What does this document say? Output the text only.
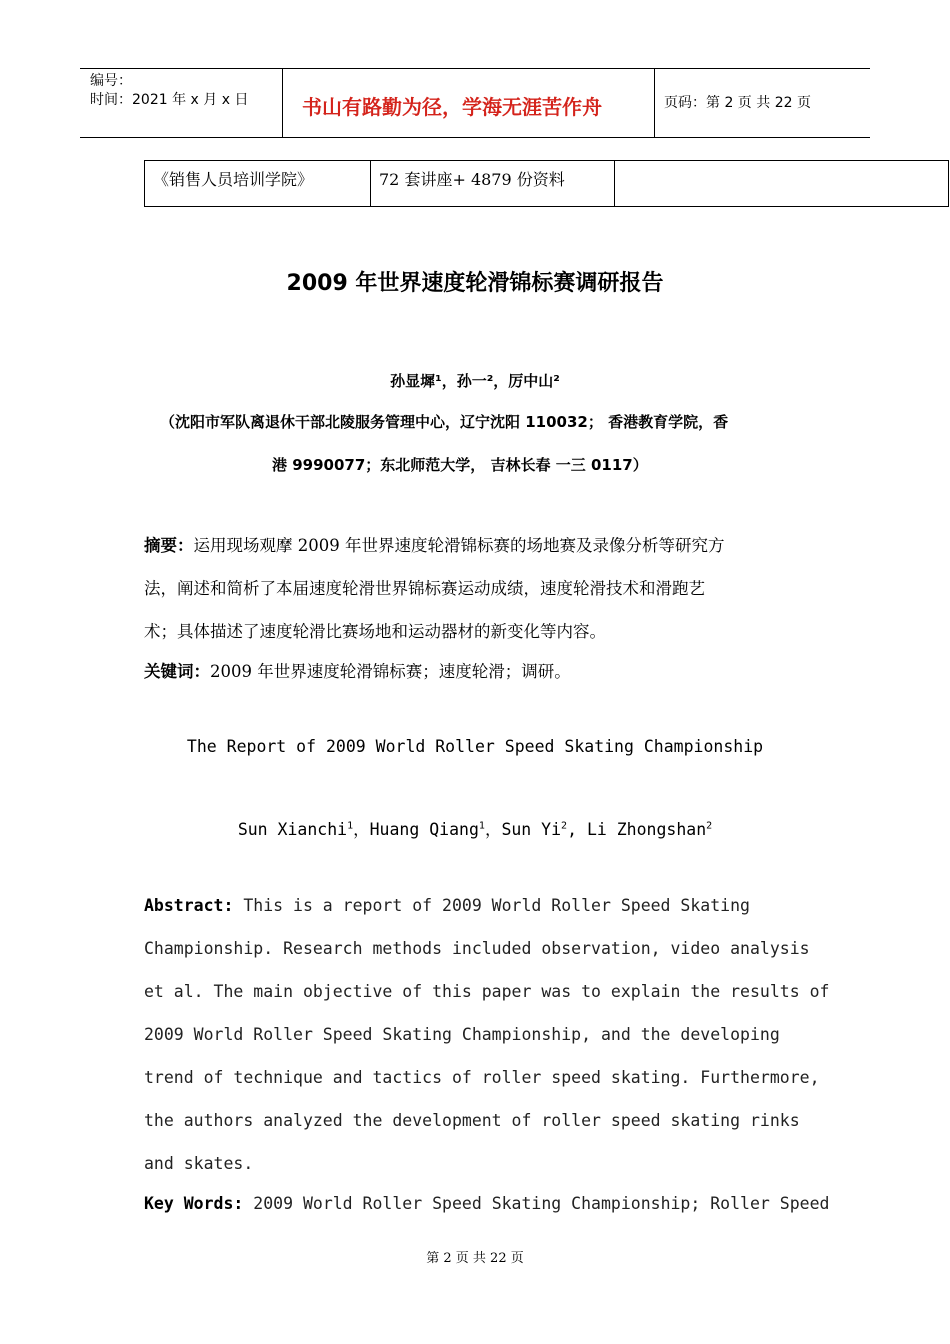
编号：
时间：2021 年 x 月 x 日	书山有路勤为径，学海无涯苦作舟	页码：第 2 页 共 22 页
《销售人员培训学院》	72 套讲座+ 4879 份资料
2009 年世界速度轮滑锦标赛调研报告
孙显墀¹，孙一²，厉中山²
（沈阳市军队离退休干部北陵服务管理中心，辽宁沈阳 110032； 香港教育学院，香
港 9990077；东北师范大学， 吉林长春 一三 0117）
摘要：运用现场观摩 2009 年世界速度轮滑锦标赛的场地赛及录像分析等研究方
法，阐述和简析了本届速度轮滑世界锦标赛运动成绩，速度轮滑技术和滑跑艺
术；具体描述了速度轮滑比赛场地和运动器材的新变化等内容。
关键词：2009 年世界速度轮滑锦标赛；速度轮滑；调研。
The Report of 2009 World Roller Speed Skating Championship
Sun Xianchi$^1$，Huang Qiang$^1$，Sun Yi$^2$, Li Zhongshan$^2$
Abstract: This is a report of 2009 World Roller Speed Skating
Championship. Research methods included observation, video analysis
et al. The main objective of this paper was to explain the results of
2009 World Roller Speed Skating Championship, and the developing
trend of technique and tactics of roller speed skating. Furthermore,
the authors analyzed the development of roller speed skating rinks
and skates.
Key Words: 2009 World Roller Speed Skating Championship; Roller Speed
第 2 页 共 22 页
